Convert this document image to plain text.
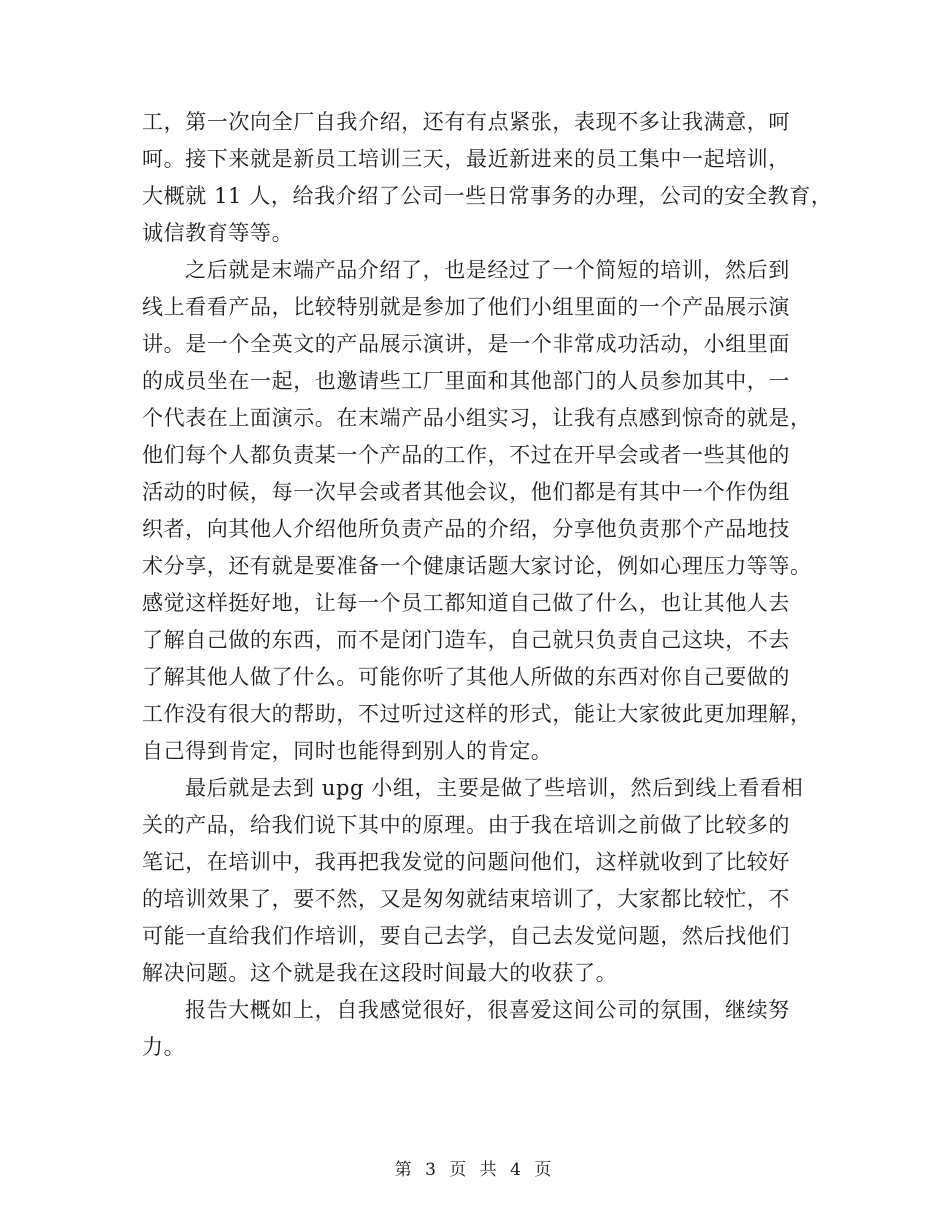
工，第一次向全厂自我介绍，还有有点紧张，表现不多让我满意，呵
呵。接下来就是新员工培训三天，最近新进来的员工集中一起培训，
大概就 11 人，给我介绍了公司一些日常事务的办理，公司的安全教育，
诚信教育等等。
之后就是末端产品介绍了，也是经过了一个简短的培训，然后到
线上看看产品，比较特别就是参加了他们小组里面的一个产品展示演
讲。是一个全英文的产品展示演讲，是一个非常成功活动，小组里面
的成员坐在一起，也邀请些工厂里面和其他部门的人员参加其中，一
个代表在上面演示。在末端产品小组实习，让我有点感到惊奇的就是，
他们每个人都负责某一个产品的工作，不过在开早会或者一些其他的
活动的时候，每一次早会或者其他会议，他们都是有其中一个作伪组
织者，向其他人介绍他所负责产品的介绍，分享他负责那个产品地技
术分享，还有就是要准备一个健康话题大家讨论，例如心理压力等等。
感觉这样挺好地，让每一个员工都知道自己做了什么，也让其他人去
了解自己做的东西，而不是闭门造车，自己就只负责自己这块，不去
了解其他人做了什么。可能你听了其他人所做的东西对你自己要做的
工作没有很大的帮助，不过听过这样的形式，能让大家彼此更加理解，
自己得到肯定，同时也能得到别人的肯定。
最后就是去到 upg 小组，主要是做了些培训，然后到线上看看相
关的产品，给我们说下其中的原理。由于我在培训之前做了比较多的
笔记，在培训中，我再把我发觉的问题问他们，这样就收到了比较好
的培训效果了，要不然，又是匆匆就结束培训了，大家都比较忙，不
可能一直给我们作培训，要自己去学，自己去发觉问题，然后找他们
解决问题。这个就是我在这段时间最大的收获了。
报告大概如上，自我感觉很好，很喜爱这间公司的氛围，继续努
力。
第 3 页 共 4 页
